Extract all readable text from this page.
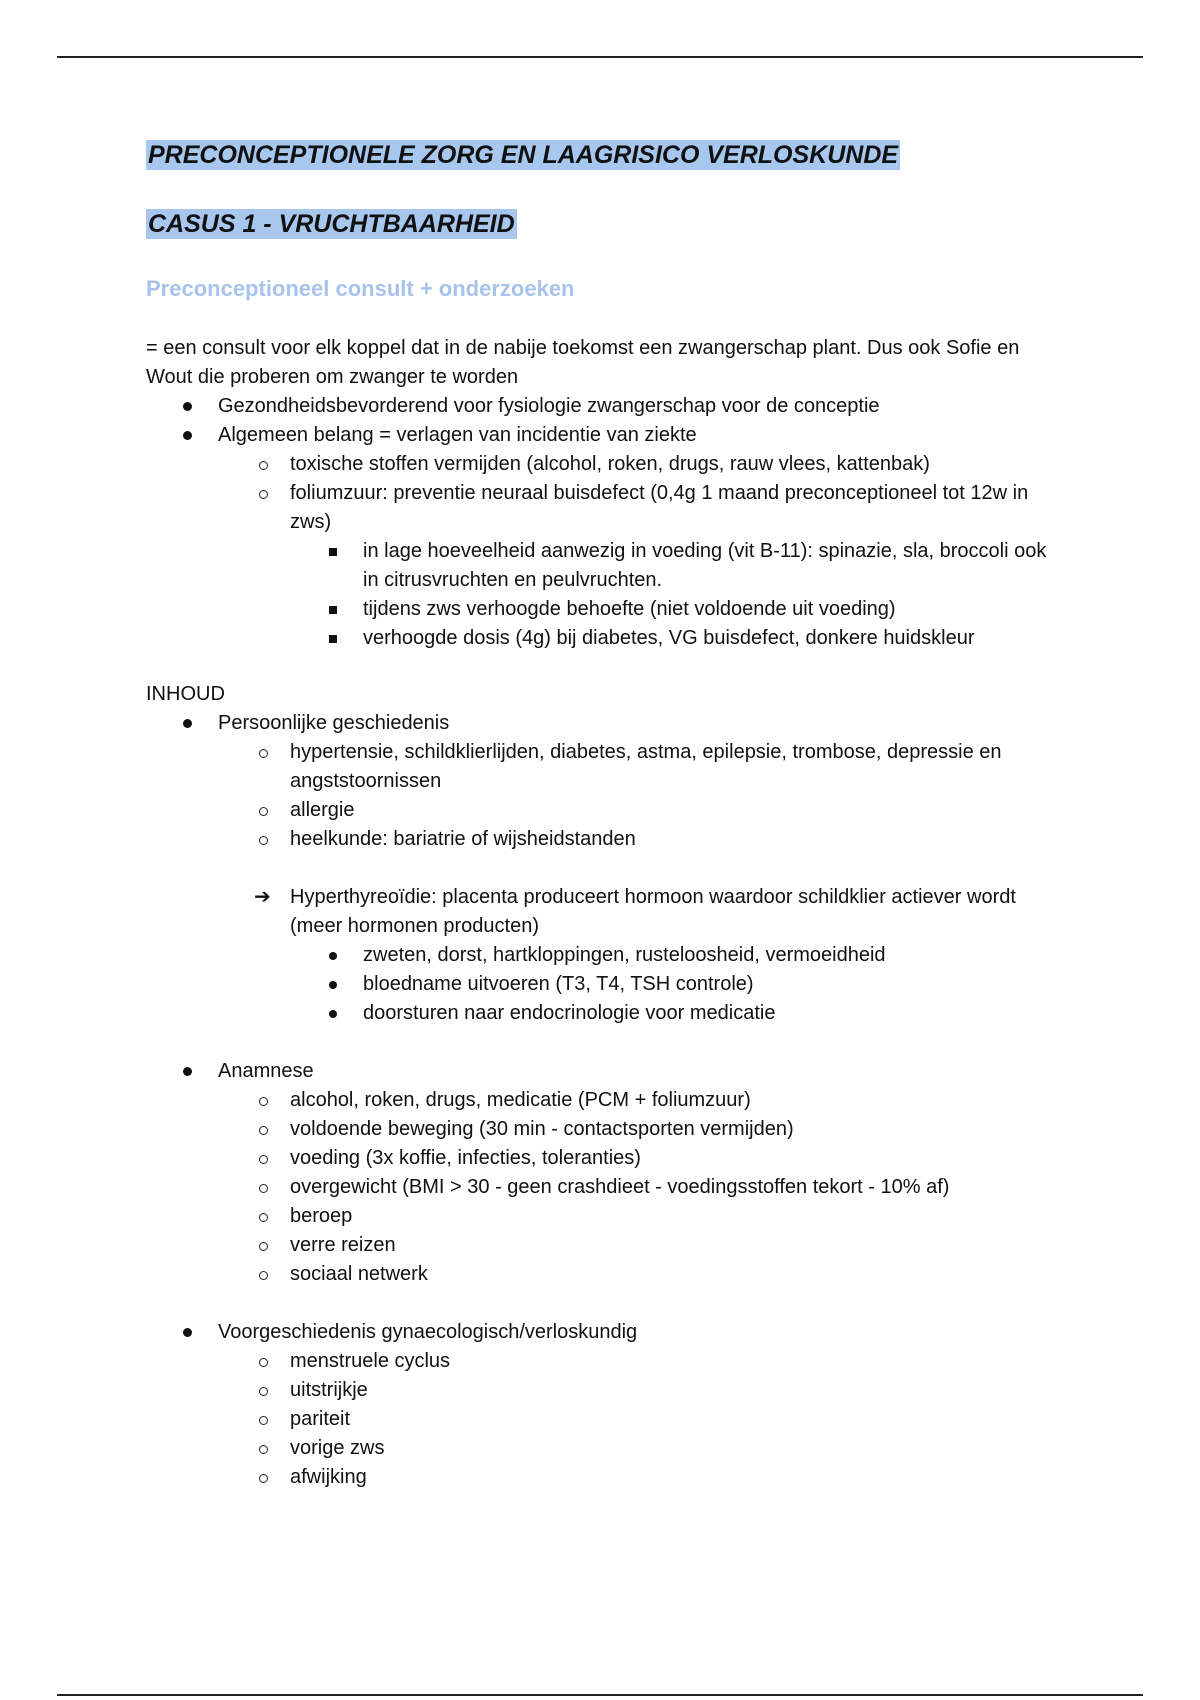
PRECONCEPTIONELE ZORG EN LAAGRISICO VERLOSKUNDE
CASUS 1 - VRUCHTBAARHEID
Preconceptioneel consult + onderzoeken

= een consult voor elk koppel dat in de nabije toekomst een zwangerschap plant. Dus ook Sofie en Wout die proberen om zwanger te worden

Gezondheidsbevorderend voor fysiologie zwangerschap voor de conceptie
Algemeen belang = verlagen van incidentie van ziekte
toxische stoffen vermijden (alcohol, roken, drugs, rauw vlees, kattenbak)
foliumzuur: preventie neuraal buisdefect (0,4g 1 maand preconceptioneel tot 12w in zws)
in lage hoeveelheid aanwezig in voeding (vit B-11): spinazie, sla, broccoli ook in citrusvruchten en peulvruchten.
tijdens zws verhoogde behoefte (niet voldoende uit voeding)
verhoogde dosis (4g) bij diabetes, VG buisdefect, donkere huidskleur

INHOUD

Persoonlijke geschiedenis
hypertensie, schildklierlijden, diabetes, astma, epilepsie, trombose, depressie en angststoornissen
allergie
heelkunde: bariatrie of wijsheidstanden
➔ Hyperthyreoïdie: placenta produceert hormoon waardoor schildklier actiever wordt (meer hormonen producten)
zweten, dorst, hartkloppingen, rusteloosheid, vermoeidheid
bloedname uitvoeren (T3, T4, TSH controle)
doorsturen naar endocrinologie voor medicatie
Anamnese
alcohol, roken, drugs, medicatie (PCM + foliumzuur)
voldoende beweging (30 min - contactsporten vermijden)
voeding (3x koffie, infecties, toleranties)
overgewicht (BMI > 30 - geen crashdieet - voedingsstoffen tekort - 10% af)
beroep
verre reizen
sociaal netwerk
Voorgeschiedenis gynaecologisch/verloskundig
menstruele cyclus
uitstrijkje
pariteit
vorige zws
afwijking
